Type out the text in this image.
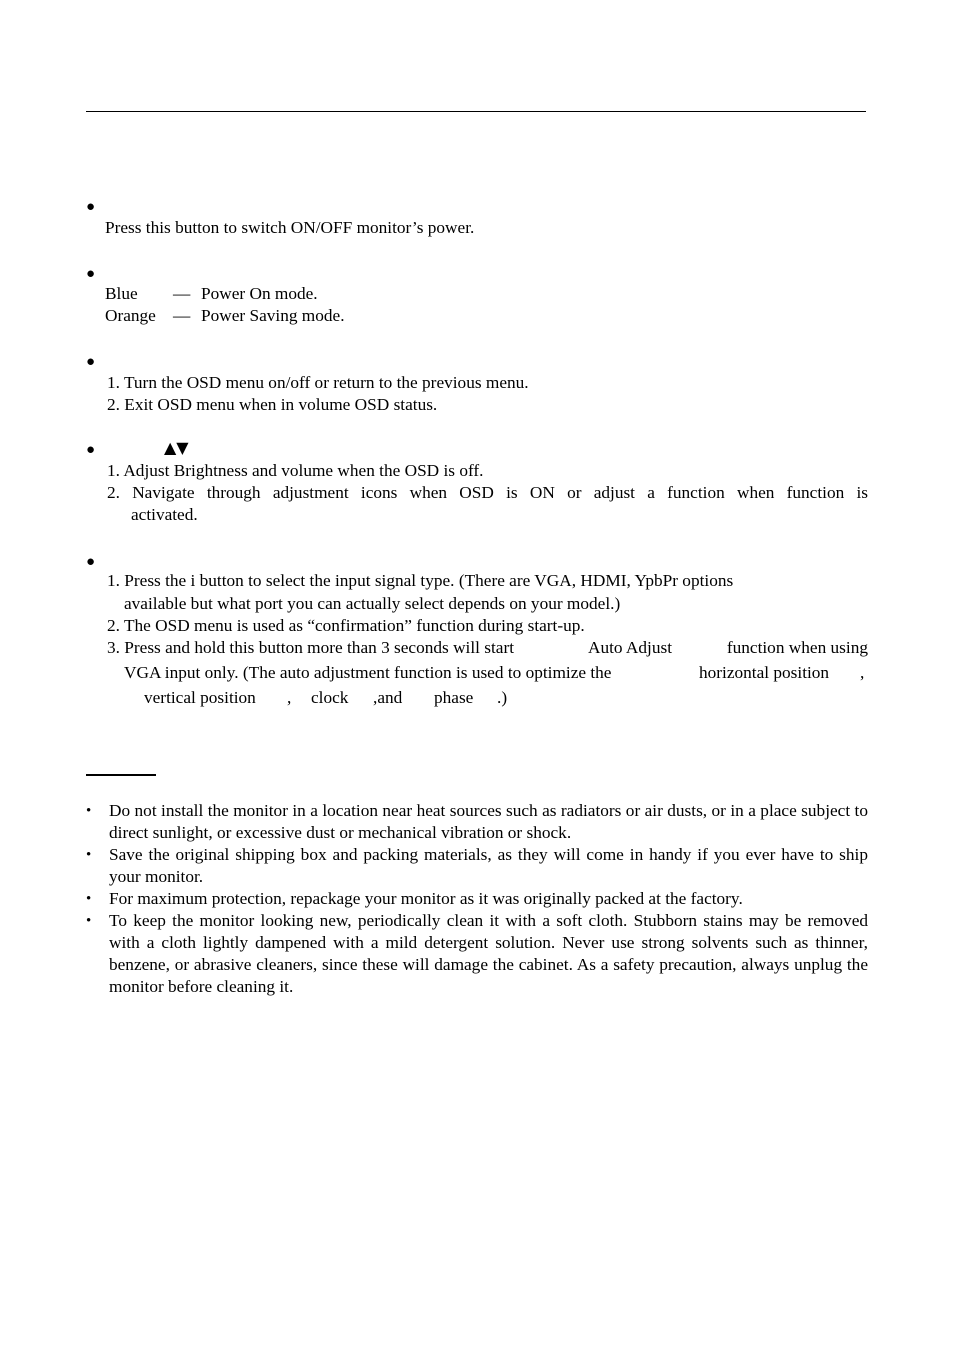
●
Press this button to switch ON/OFF monitor’s power.
●
Blue — Power On mode.
Orange — Power Saving mode.
●
1. Turn the OSD menu on/off or return to the previous menu.
2. Exit OSD menu when in volume OSD status.
●	▲▼
1. Adjust Brightness and volume when the OSD is off.
2. Navigate through adjustment icons when OSD is ON or adjust a function when function is
activated.
●
1. Press the i button to select the input signal type. (There are VGA, HDMI, YpbPr options
available but what port you can actually select depends on your model.)
2. The OSD menu is used as “confirmation” function during start-up.
3. Press and hold this button more than 3 seconds will start	Auto Adjust	function when using
VGA input only. (The auto adjustment function is used to optimize the	horizontal position ,
vertical position , clock ,and phase .)
• Do not install the monitor in a location near heat sources such as radiators or air dusts, or in a place subject to direct sunlight, or excessive dust or mechanical vibration or shock.
• Save the original shipping box and packing materials, as they will come in handy if you ever have to ship your monitor.
• For maximum protection, repackage your monitor as it was originally packed at the factory.
• To keep the monitor looking new, periodically clean it with a soft cloth. Stubborn stains may be removed with a cloth lightly dampened with a mild detergent solution. Never use strong solvents such as thinner, benzene, or abrasive cleaners, since these will damage the cabinet. As a safety precaution, always unplug the monitor before cleaning it.
